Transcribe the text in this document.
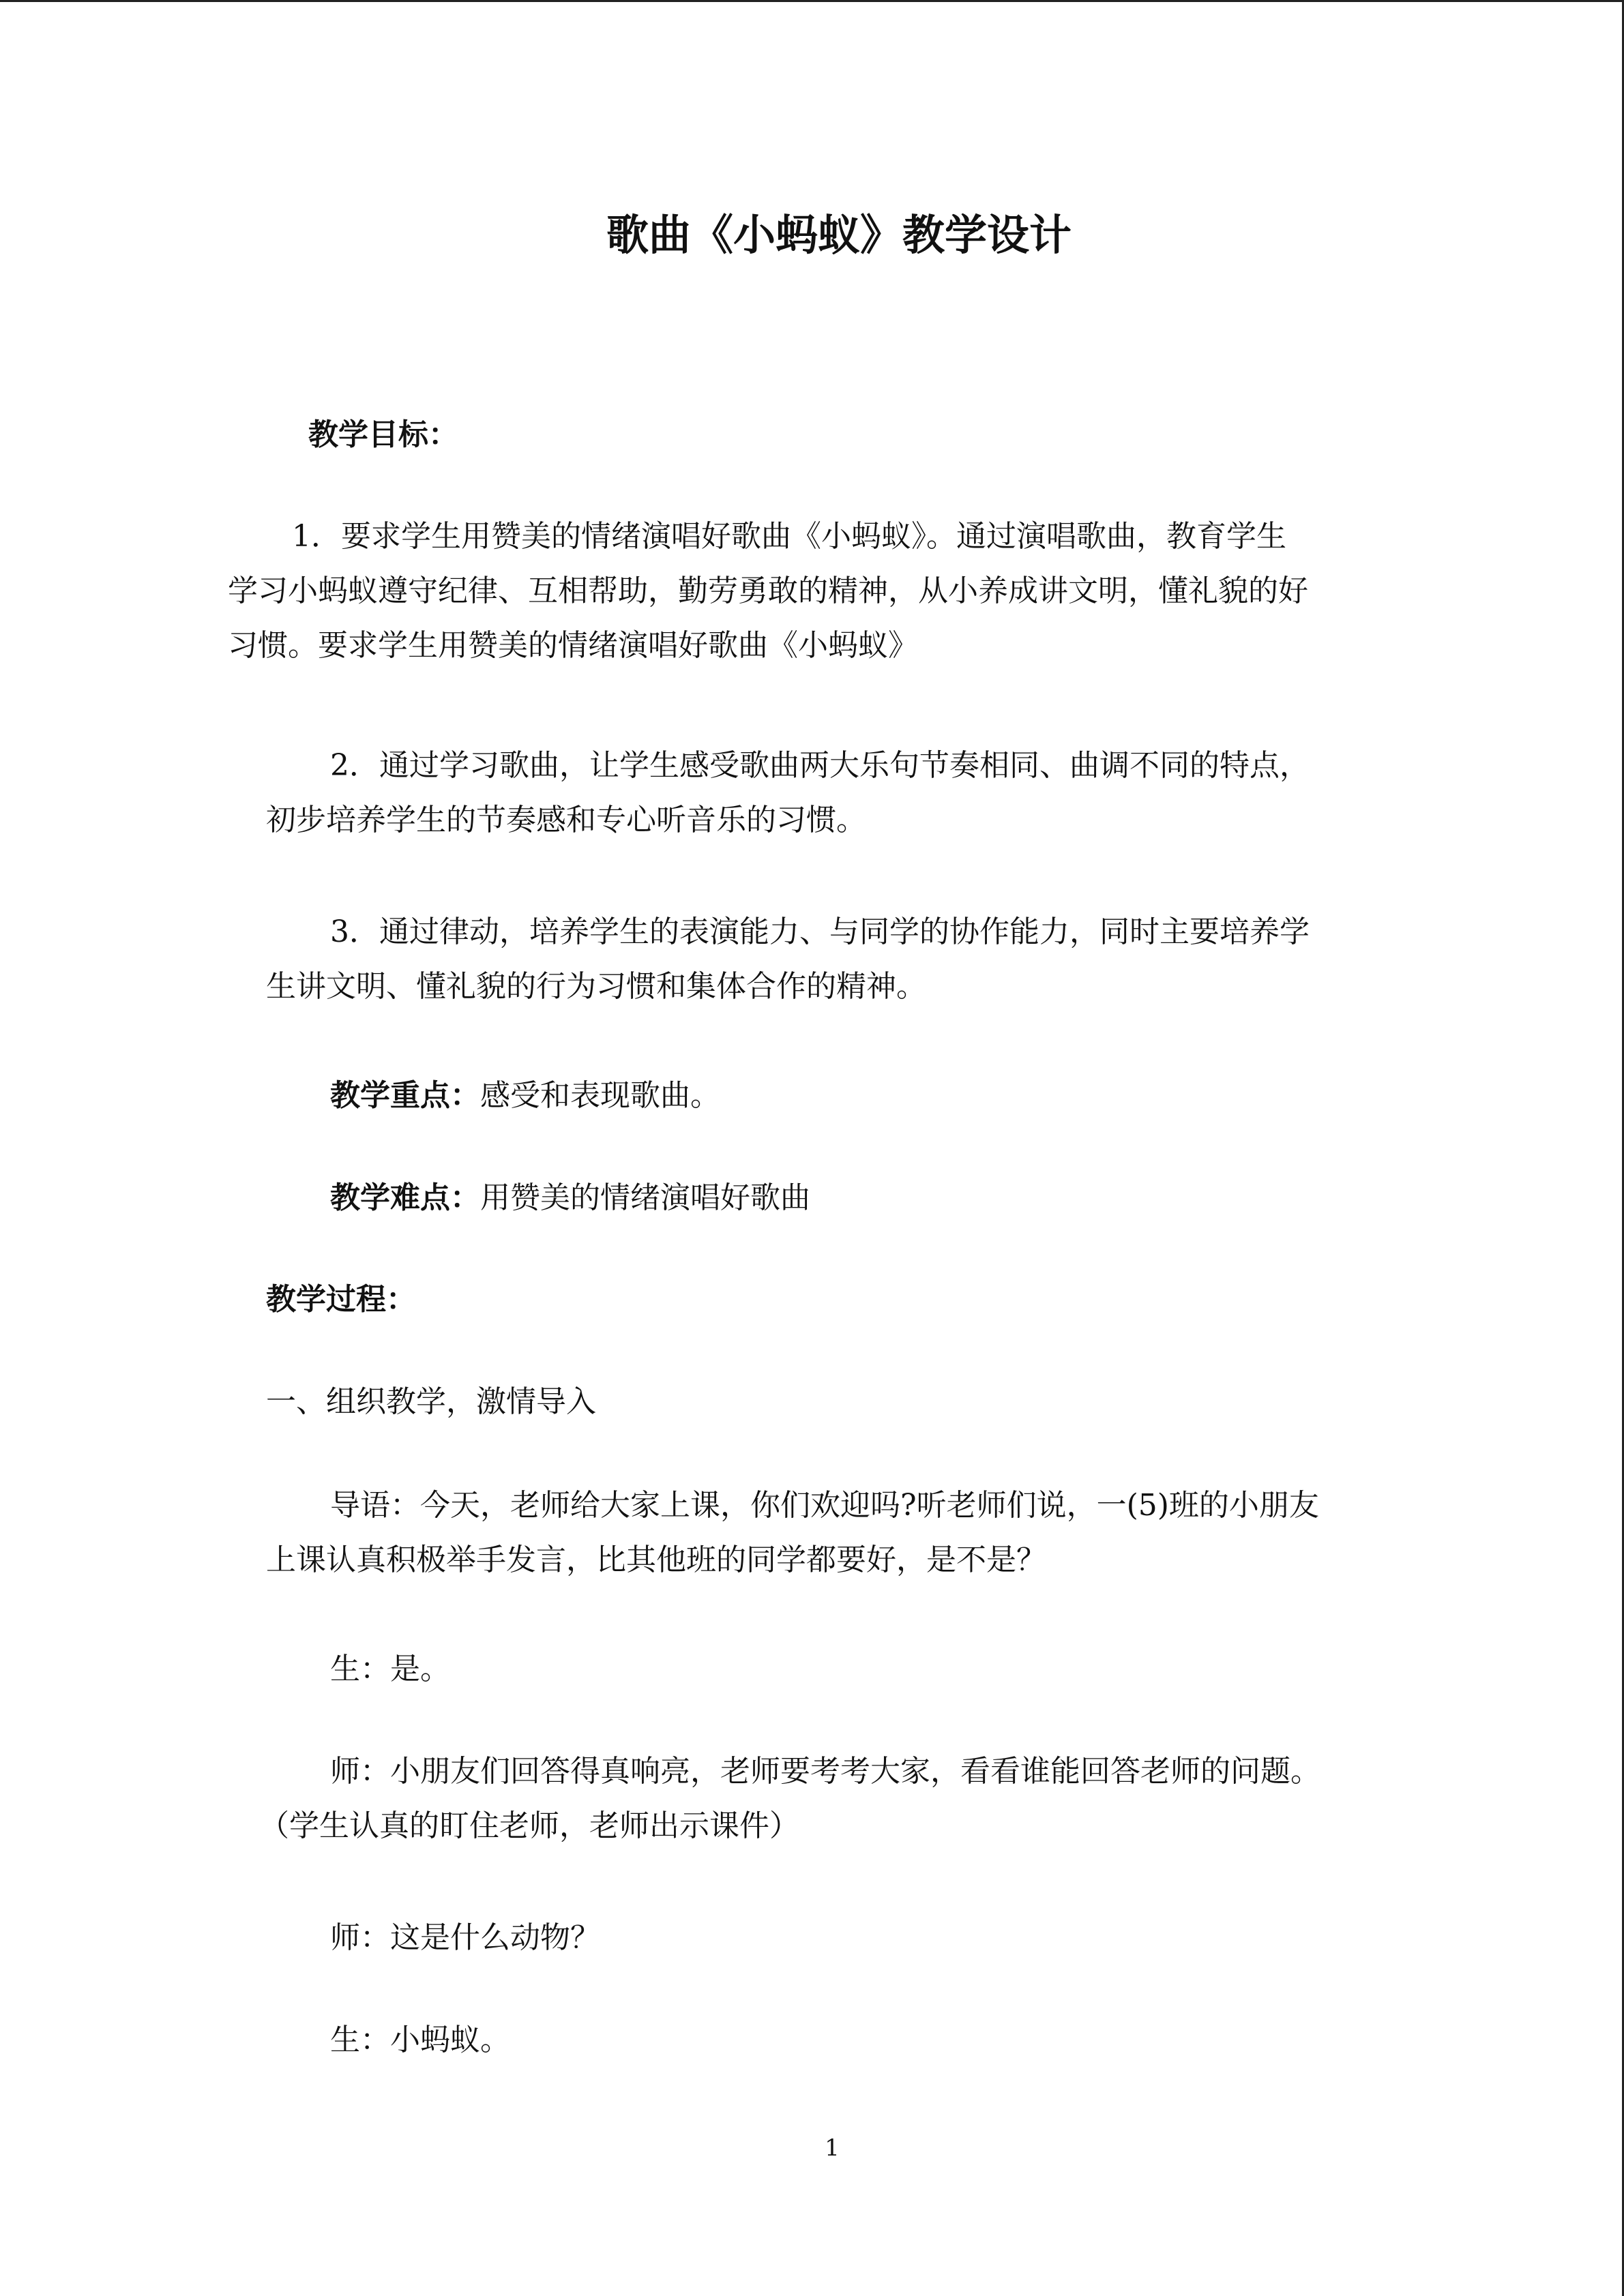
歌曲《小蚂蚁》教学设计
教学目标：
1．要求学生用赞美的情绪演唱好歌曲《小蚂蚁》。通过演唱歌曲，教育学生
学习小蚂蚁遵守纪律、互相帮助，勤劳勇敢的精神，从小养成讲文明，懂礼貌的好
习惯。要求学生用赞美的情绪演唱好歌曲《小蚂蚁》
2．通过学习歌曲，让学生感受歌曲两大乐句节奏相同、曲调不同的特点，
初步培养学生的节奏感和专心听音乐的习惯。
3．通过律动，培养学生的表演能力、与同学的协作能力，同时主要培养学
生讲文明、懂礼貌的行为习惯和集体合作的精神。
教学重点：感受和表现歌曲。
教学难点：用赞美的情绪演唱好歌曲
教学过程：
一、组织教学，激情导入
导语：今天，老师给大家上课，你们欢迎吗?听老师们说，一(5)班的小朋友
上课认真积极举手发言，比其他班的同学都要好，是不是？
生：是。
师：小朋友们回答得真响亮，老师要考考大家，看看谁能回答老师的问题。
（学生认真的盯住老师，老师出示课件）
师：这是什么动物？
生：小蚂蚁。
1
